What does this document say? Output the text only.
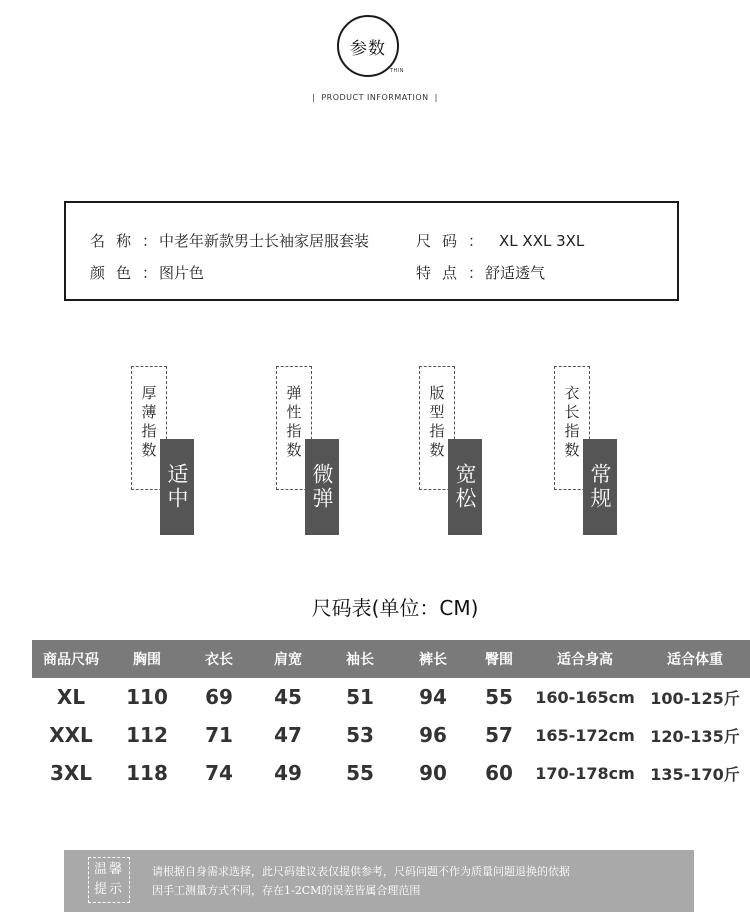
参数
THIN
| PRODUCT INFORMATION |
名称： 中老年新款男士长袖家居服套装	尺码： XL XXL 3XL
颜色： 图片色	特点： 舒适透气
厚薄指数
适中
弹性指数
微弹
版型指数
宽松
衣长指数
常规
尺码表(单位：CM)
商品尺码	胸围	衣长	肩宽	袖长	裤长	臀围	适合身高	适合体重
XL	110	69	45	51	94	55	160-165cm 100-125斤
XXL	112	71	47	53	96	57	165-172cm 120-135斤
3XL	118	74	49	55	90	60	170-178cm 135-170斤
温馨
提示
请根据自身需求选择，此尺码建议表仅提供参考，尺码问题不作为质量问题退换的依据
因手工测量方式不同，存在1-2CM的误差皆属合理范围
